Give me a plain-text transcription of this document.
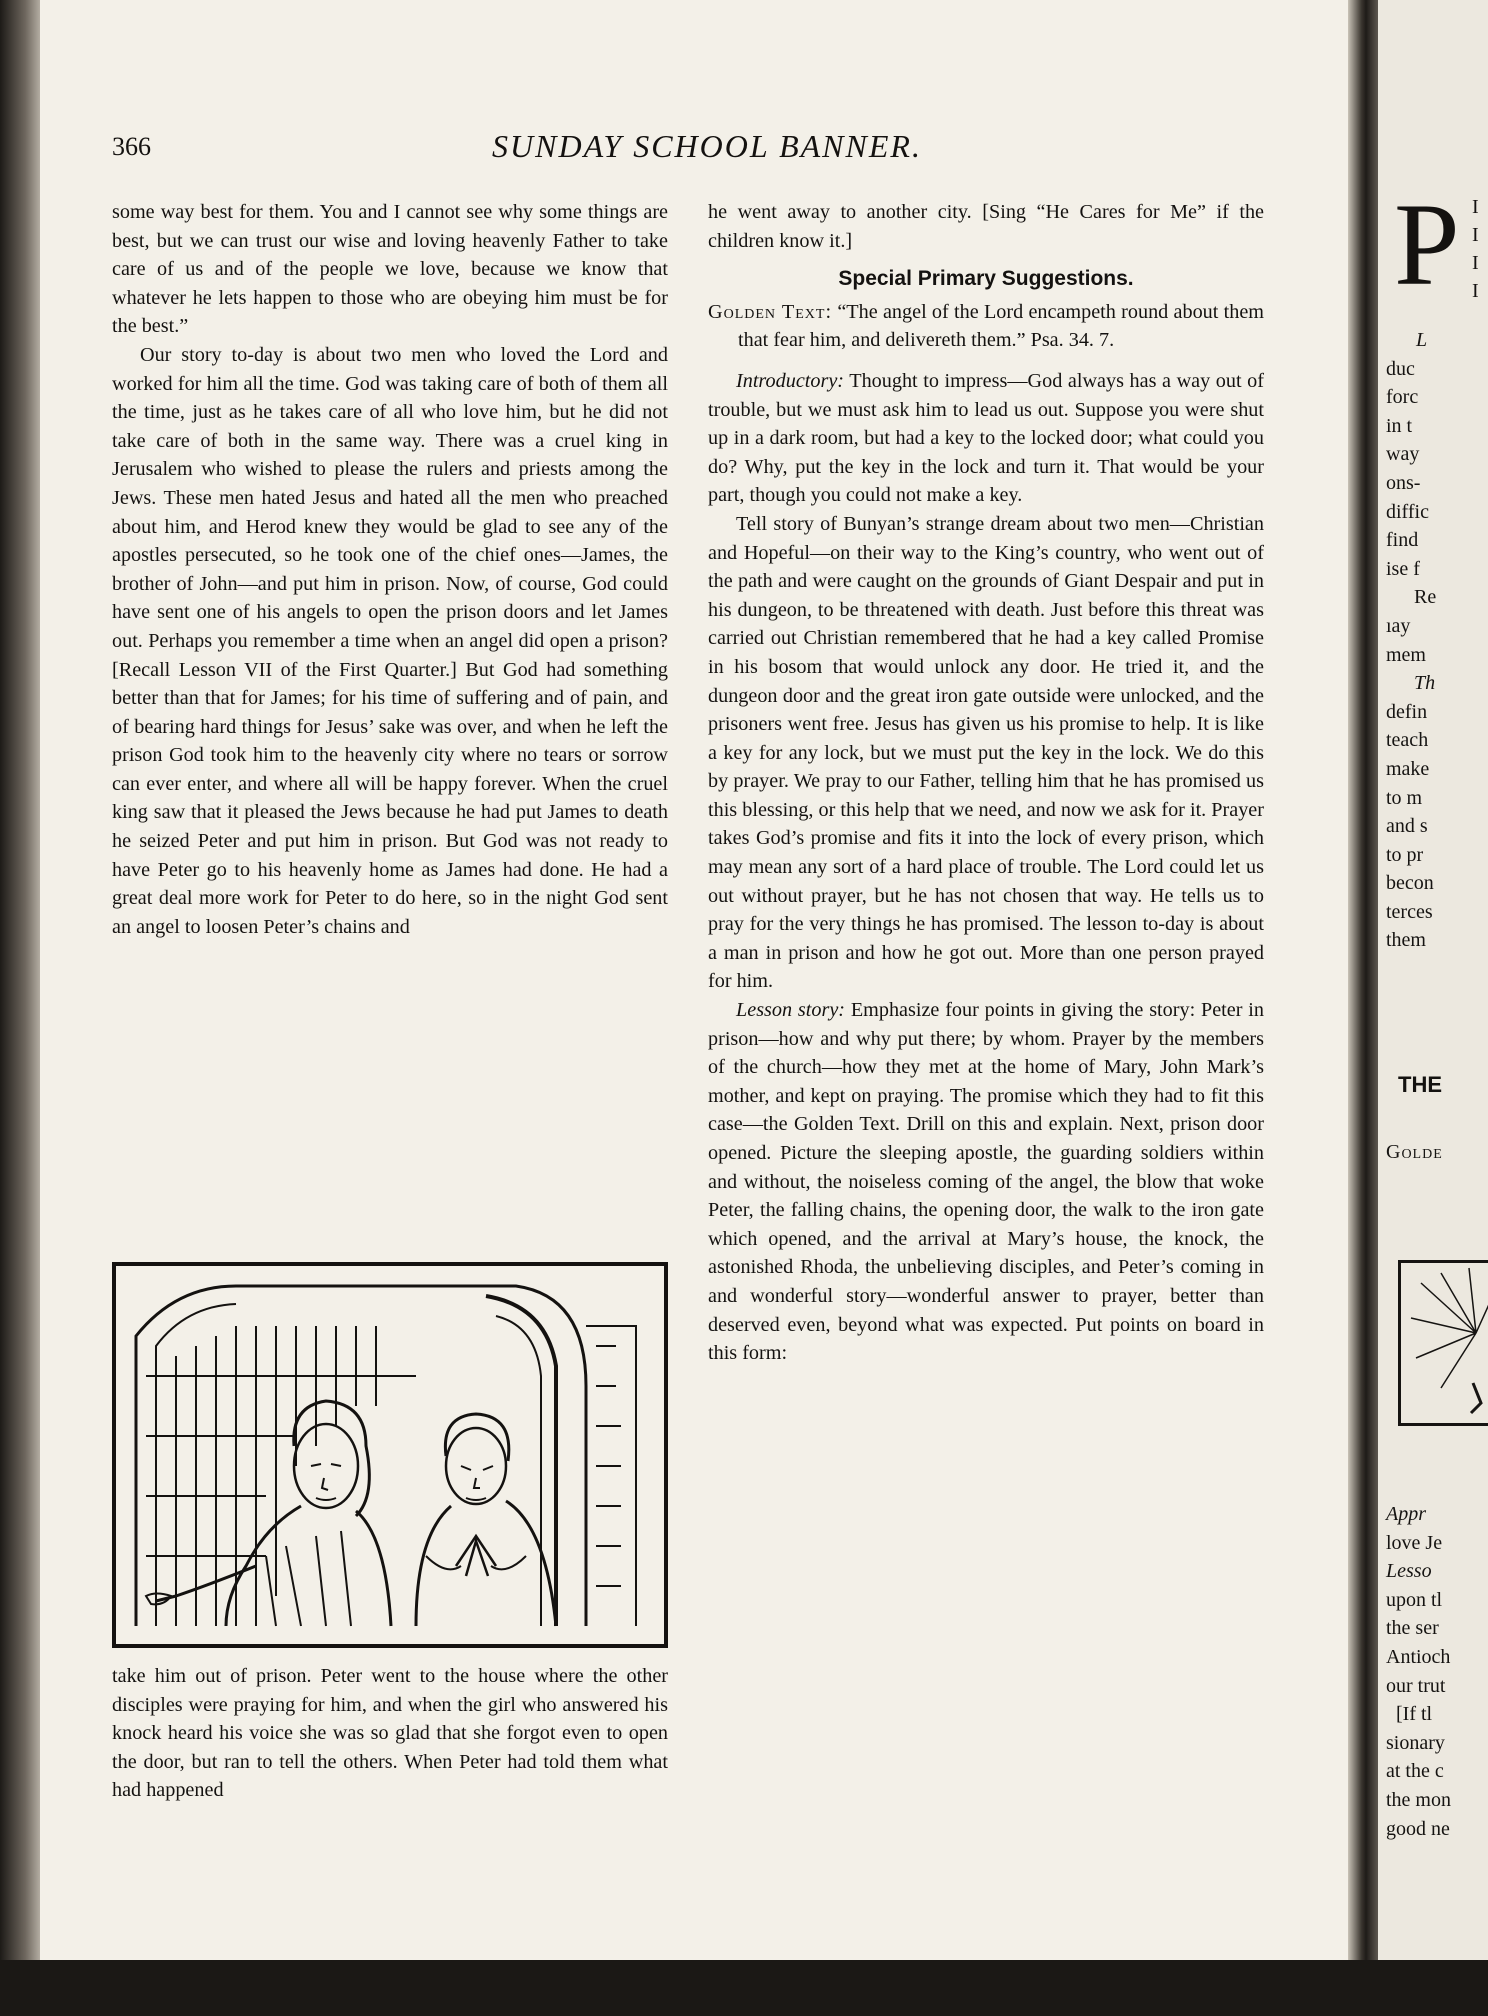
366	SUNDAY SCHOOL BANNER.

some way best for them. You and I cannot see why some things are best, but we can trust our wise and loving heavenly Father to take care of us and of the people we love, because we know that whatever he lets happen to those who are obeying him must be for the best.”

Our story to-day is about two men who loved the Lord and worked for him all the time. God was taking care of both of them all the time, just as he takes care of all who love him, but he did not take care of both in the same way. There was a cruel king in Jerusalem who wished to please the rulers and priests among the Jews. These men hated Jesus and hated all the men who preached about him, and Herod knew they would be glad to see any of the apostles persecuted, so he took one of the chief ones—James, the brother of John—and put him in prison. Now, of course, God could have sent one of his angels to open the prison doors and let James out. Perhaps you remember a time when an angel did open a prison? [Recall Lesson VII of the First Quarter.] But God had something better than that for James; for his time of suffering and of pain, and of bearing hard things for Jesus’ sake was over, and when he left the prison God took him to the heavenly city where no tears or sorrow can ever enter, and where all will be happy forever. When the cruel king saw that it pleased the Jews because he had put James to death he seized Peter and put him in prison. But God was not ready to have Peter go to his heavenly home as James had done. He had a great deal more work for Peter to do here, so in the night God sent an angel to loosen Peter’s chains and

take him out of prison. Peter went to the house where the other disciples were praying for him, and when the girl who answered his knock heard his voice she was so glad that she forgot even to open the door, but ran to tell the others. When Peter had told them what had happened

he went away to another city. [Sing “He Cares for Me” if the children know it.]

Special Primary Suggestions.

Golden Text: “The angel of the Lord encampeth round about them that fear him, and delivereth them.” Psa. 34. 7.

Introductory: Thought to impress—God always has a way out of trouble, but we must ask him to lead us out. Suppose you were shut up in a dark room, but had a key to the locked door; what could you do? Why, put the key in the lock and turn it. That would be your part, though you could not make a key.

Tell story of Bunyan’s strange dream about two men—Christian and Hopeful—on their way to the King’s country, who went out of the path and were caught on the grounds of Giant Despair and put in his dungeon, to be threatened with death. Just before this threat was carried out Christian remembered that he had a key called Promise in his bosom that would unlock any door. He tried it, and the dungeon door and the great iron gate outside were unlocked, and the prisoners went free. Jesus has given us his promise to help. It is like a key for any lock, but we must put the key in the lock. We do this by prayer. We pray to our Father, telling him that he has promised us this blessing, or this help that we need, and now we ask for it. Prayer takes God’s promise and fits it into the lock of every prison, which may mean any sort of a hard place of trouble. The Lord could let us out without prayer, but he has not chosen that way. He tells us to pray for the very things he has promised. The lesson to-day is about a man in prison and how he got out. More than one person prayed for him.

Lesson story: Emphasize four points in giving the story: Peter in prison—how and why put there; by whom. Prayer by the members of the church—how they met at the home of Mary, John Mark’s mother, and kept on praying. The promise which they had to fit this case—the Golden Text. Drill on this and explain. Next, prison door opened. Picture the sleeping apostle, the guarding soldiers within and without, the noiseless coming of the angel, the blow that woke Peter, the falling chains, the opening door, the walk to the iron gate which opened, and the arrival at Mary’s house, the knock, the astonished Rhoda, the unbelieving disciples, and Peter’s coming in and wonderful story—wonderful answer to prayer, better than deserved even, beyond what was expected. Put points on board in this form:

P I
I
I
I
L
duc
forc
in t
way
ons-
diffic
find
ise f
Re
ıay
mem
Th
defin
teach
make
to m
and s
to pr
becon
terces
them
THE
Golde
Appr
love Je
Lesso
upon tl
the ser
Antioch
our trut
[If tl
sionary
at the c
the mon
good ne
